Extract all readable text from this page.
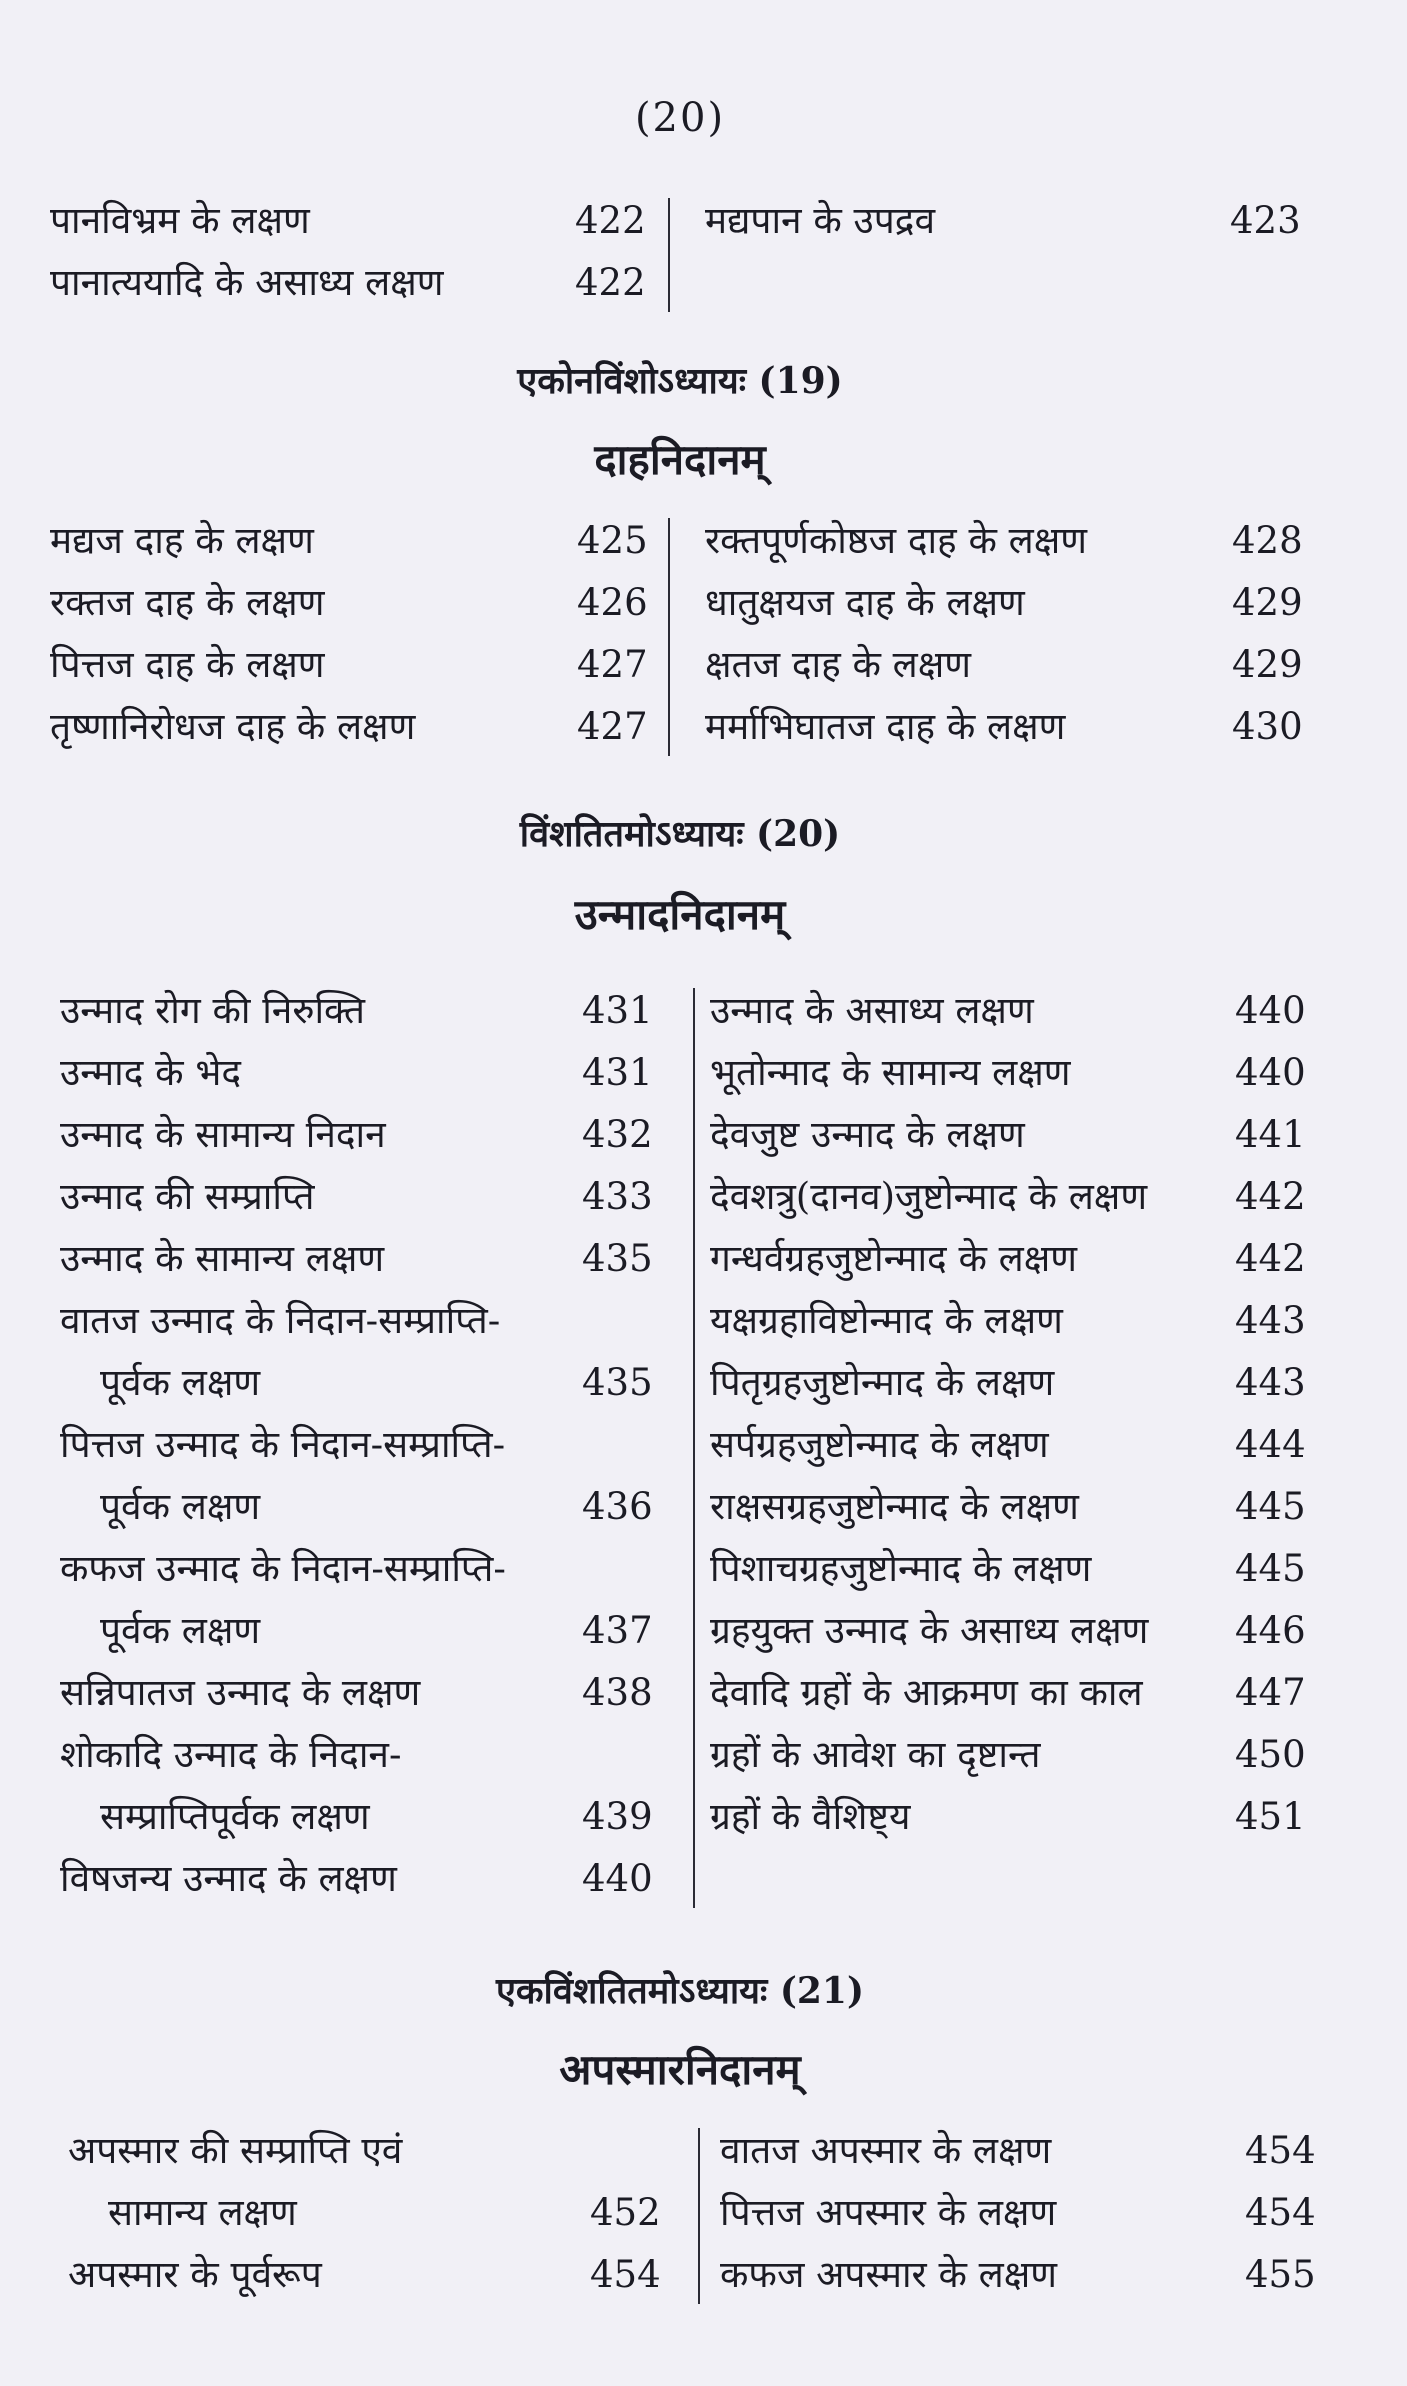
(20)
पानविभ्रम के लक्षण	422
पानात्ययादि के असाध्य लक्षण	422
मद्यपान के उपद्रव	423
एकोनविंशोऽध्यायः (19)
दाहनिदानम्
मद्यज दाह के लक्षण	425
रक्तज दाह के लक्षण	426
पित्तज दाह के लक्षण	427
तृष्णानिरोधज दाह के लक्षण	427
रक्तपूर्णकोष्ठज दाह के लक्षण	428
धातुक्षयज दाह के लक्षण	429
क्षतज दाह के लक्षण	429
मर्माभिघातज दाह के लक्षण	430
विंशतितमोऽध्यायः (20)
उन्मादनिदानम्
उन्माद रोग की निरुक्ति	431
उन्माद के भेद	431
उन्माद के सामान्य निदान	432
उन्माद की सम्प्राप्ति	433
उन्माद के सामान्य लक्षण	435
वातज उन्माद के निदान-सम्प्राप्ति-
पूर्वक लक्षण	435
पित्तज उन्माद के निदान-सम्प्राप्ति-
पूर्वक लक्षण	436
कफज उन्माद के निदान-सम्प्राप्ति-
पूर्वक लक्षण	437
सन्निपातज उन्माद के लक्षण	438
शोकादि उन्माद के निदान-
सम्प्राप्तिपूर्वक लक्षण	439
विषजन्य उन्माद के लक्षण	440
उन्माद के असाध्य लक्षण	440
भूतोन्माद के सामान्य लक्षण	440
देवजुष्ट उन्माद के लक्षण	441
देवशत्रु(दानव)जुष्टोन्माद के लक्षण 442
गन्धर्वग्रहजुष्टोन्माद के लक्षण	442
यक्षग्रहाविष्टोन्माद के लक्षण	443
पितृग्रहजुष्टोन्माद के लक्षण	443
सर्पग्रहजुष्टोन्माद के लक्षण	444
राक्षसग्रहजुष्टोन्माद के लक्षण	445
पिशाचग्रहजुष्टोन्माद के लक्षण	445
ग्रहयुक्त उन्माद के असाध्य लक्षण 446
देवादि ग्रहों के आक्रमण का काल 447
ग्रहों के आवेश का दृष्टान्त	450
ग्रहों के वैशिष्ट्य	451
एकविंशतितमोऽध्यायः (21)
अपस्मारनिदानम्
अपस्मार की सम्प्राप्ति एवं
सामान्य लक्षण	452
अपस्मार के पूर्वरूप	454
वातज अपस्मार के लक्षण	454
पित्तज अपस्मार के लक्षण	454
कफज अपस्मार के लक्षण	455
